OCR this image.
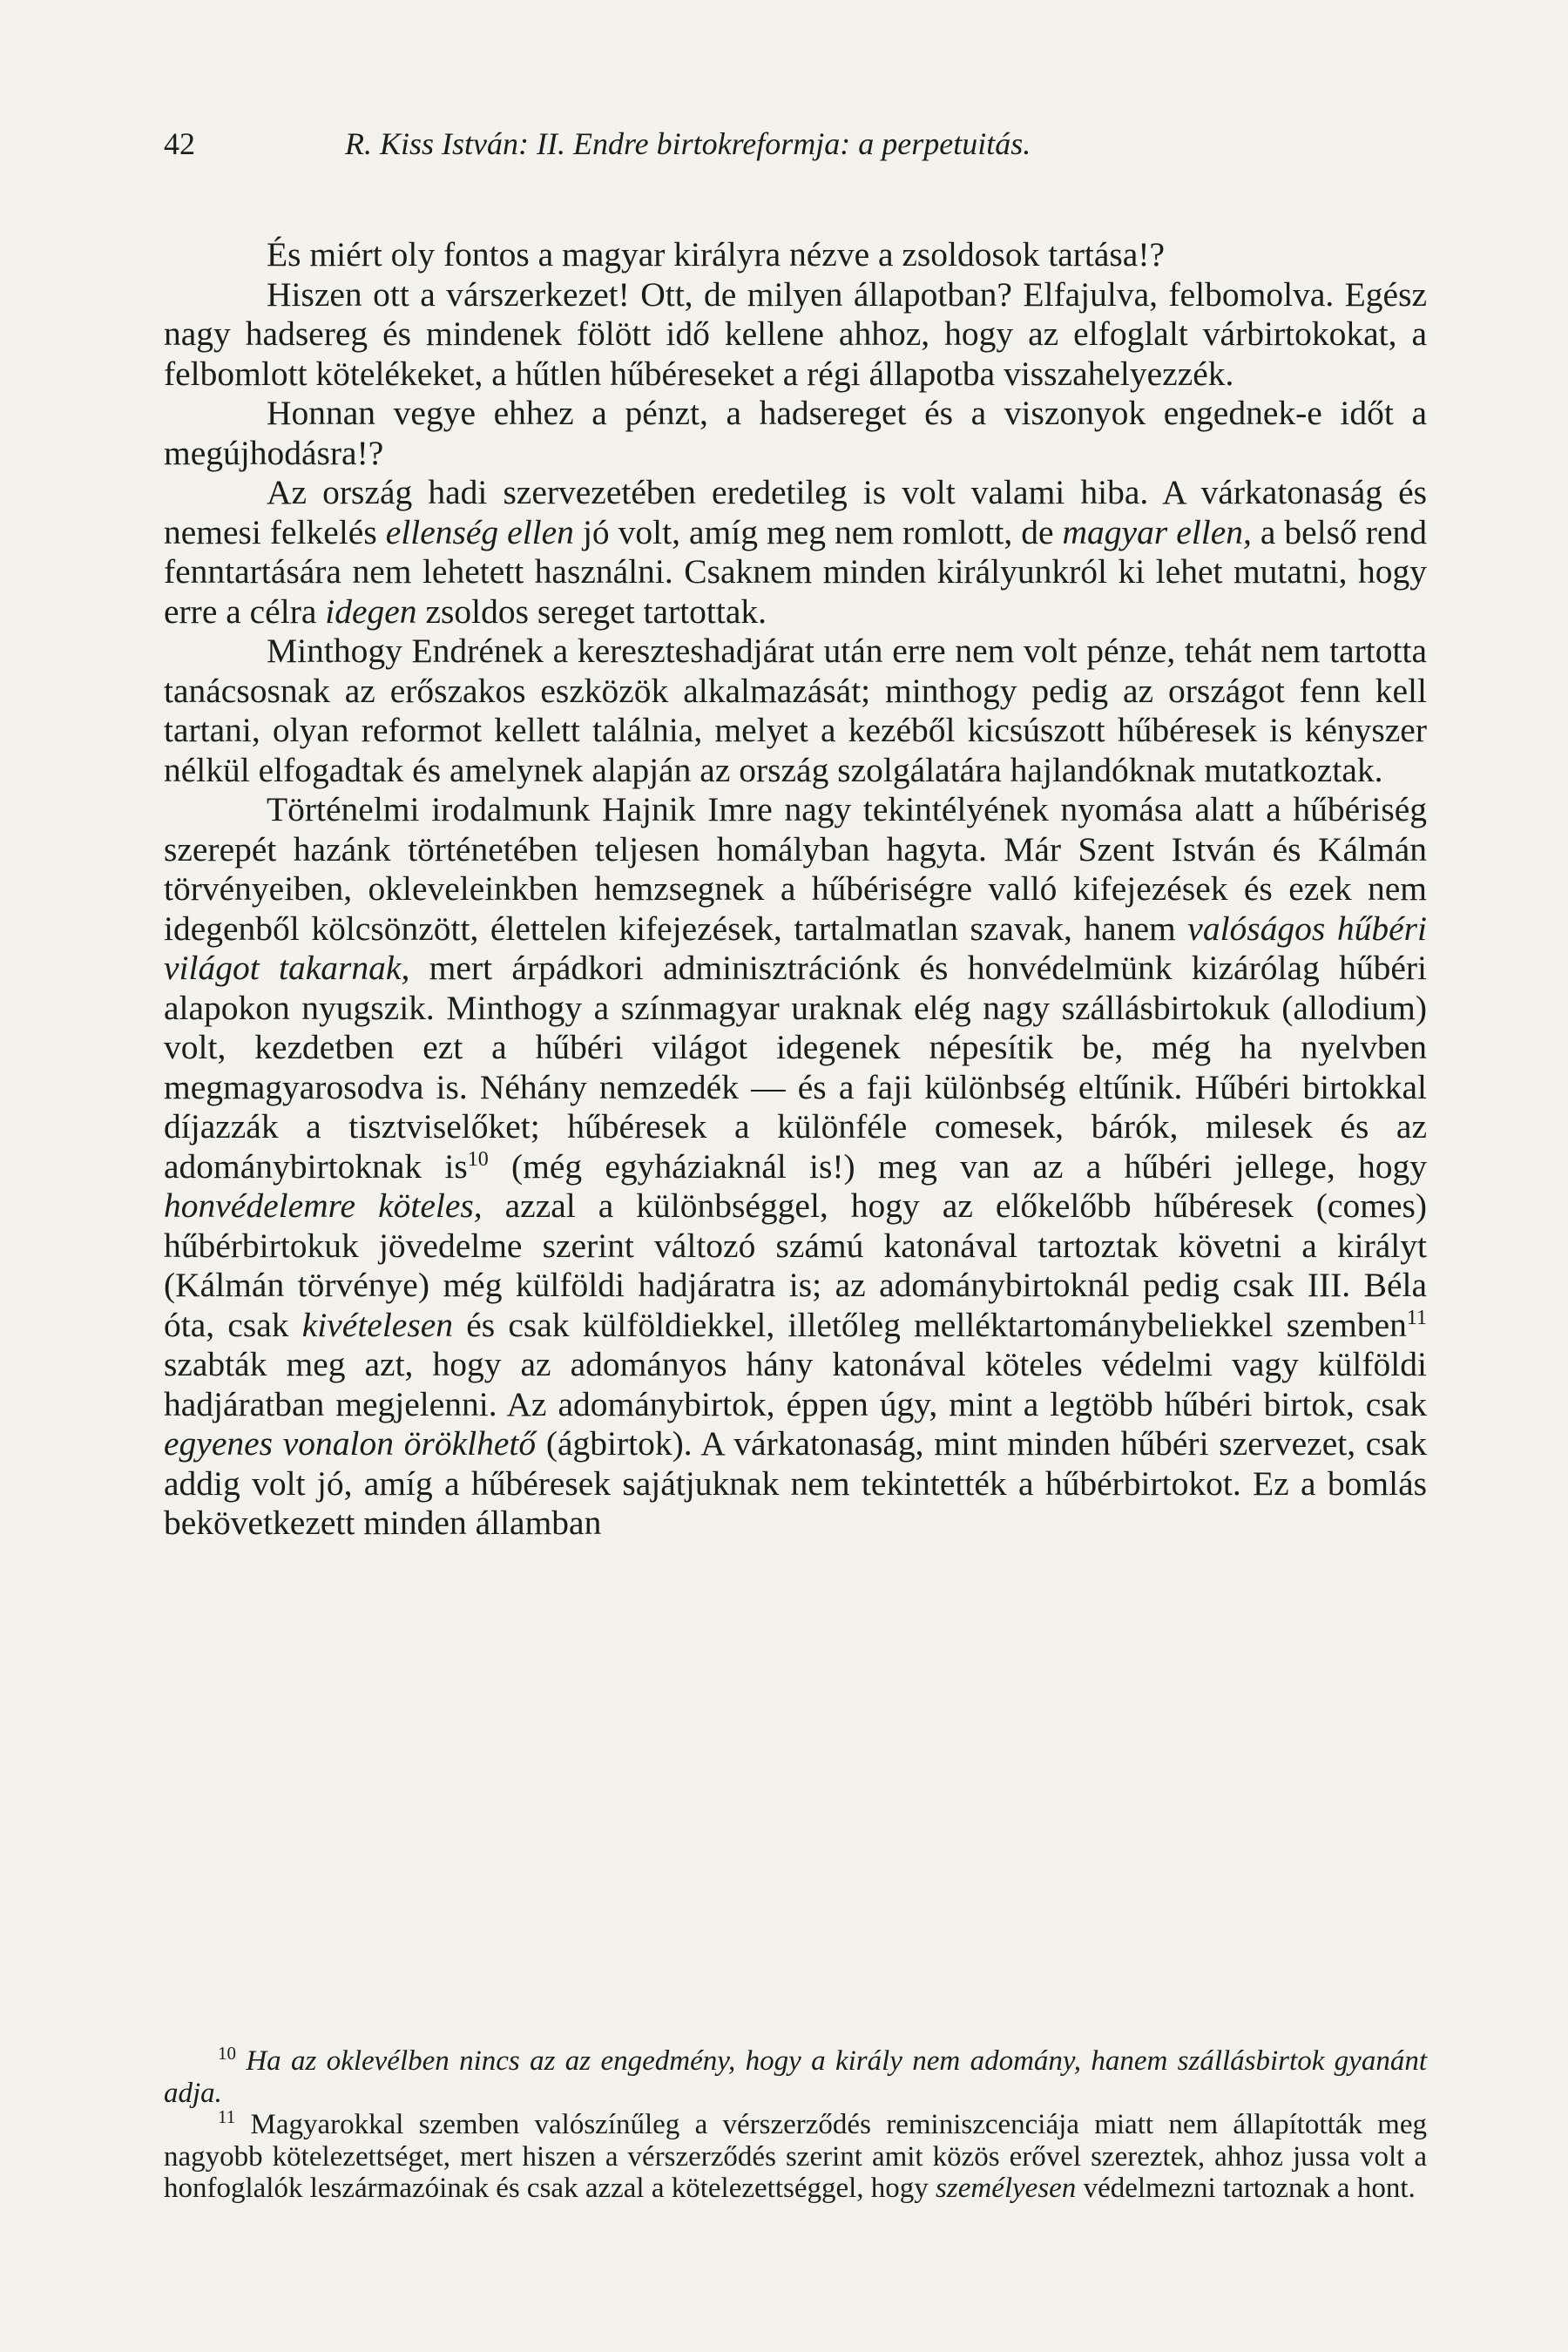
42	R. Kiss István: II. Endre birtokreformja: a perpetuitás.

És miért oly fontos a magyar királyra nézve a zsoldosok tartása!?

Hiszen ott a várszerkezet! Ott, de milyen állapotban? Elfajulva, felbomolva. Egész nagy hadsereg és mindenek fölött idő kellene ahhoz, hogy az elfoglalt várbirtokokat, a felbomlott kötelékeket, a hűtlen hűbéreseket a régi állapotba visszahelyezzék.

Honnan vegye ehhez a pénzt, a hadsereget és a viszonyok engednek-e időt a megújhodásra!?

Az ország hadi szervezetében eredetileg is volt valami hiba. A várkatonaság és nemesi felkelés ellenség ellen jó volt, amíg meg nem romlott, de magyar ellen, a belső rend fenntartására nem lehetett használni. Csaknem minden királyunkról ki lehet mutatni, hogy erre a célra idegen zsoldos sereget tartottak.

Minthogy Endrének a kereszteshadjárat után erre nem volt pénze, tehát nem tartotta tanácsosnak az erőszakos eszközök alkalmazását; minthogy pedig az országot fenn kell tartani, olyan reformot kellett találnia, melyet a kezéből kicsúszott hűbéresek is kényszer nélkül elfogadtak és amelynek alapján az ország szolgálatára hajlandóknak mutatkoztak.

Történelmi irodalmunk Hajnik Imre nagy tekintélyének nyomása alatt a hűbériség szerepét hazánk történetében teljesen homályban hagyta. Már Szent István és Kálmán törvényeiben, okleveleinkben hemzsegnek a hűbériségre valló kifejezések és ezek nem idegenből kölcsönzött, élettelen kifejezések, tartalmatlan szavak, hanem valóságos hűbéri világot takarnak, mert árpádkori adminisztrációnk és honvédelmünk kizárólag hűbéri alapokon nyugszik. Minthogy a színmagyar uraknak elég nagy szállásbirtokuk (allodium) volt, kezdetben ezt a hűbéri világot idegenek népesítik be, még ha nyelvben megmagyarosodva is. Néhány nemzedék — és a faji különbség eltűnik. Hűbéri birtokkal díjazzák a tisztviselőket; hűbéresek a különféle comesek, bárók, milesek és az adománybirtoknak $is^{10}$ (még egyháziaknál is!) meg van az a hűbéri jellege, hogy honvédelemre köteles, azzal a különbséggel, hogy az előkelőbb hűbéresek (comes) hűbérbirtokuk jövedelme szerint változó számú katonával tartoztak követni a királyt (Kálmán törvénye) még külföldi hadjáratra is; az adománybirtoknál pedig csak III. Béla óta, csak kivételesen és csak külföldiekkel, illetőleg melléktartománybeliekkel szemben$^{11}$ szabták meg azt, hogy az adományos hány katonával köteles védelmi vagy külföldi hadjáratban megjelenni. Az adománybirtok, éppen úgy, mint a legtöbb hűbéri birtok, csak egyenes vonalon öröklhető (ágbirtok). A várkatonaság, mint minden hűbéri szervezet, csak addig volt jó, amíg a hűbéresek sajátjuknak nem tekintették a hűbérbirtokot. Ez a bomlás bekövetkezett minden államban

$^{10}$ Ha az oklevélben nincs az az engedmény, hogy a király nem adomány, hanem szállásbirtok gyanánt adja.

$^{11}$ Magyarokkal szemben valószínűleg a vérszerződés reminiszcenciája miatt nem állapították meg nagyobb kötelezettséget, mert hiszen a vérszerződés szerint amit közös erővel szereztek, ahhoz jussa volt a honfoglalók leszármazóinak és csak azzal a kötelezettséggel, hogy személyesen védelmezni tartoznak a hont.
